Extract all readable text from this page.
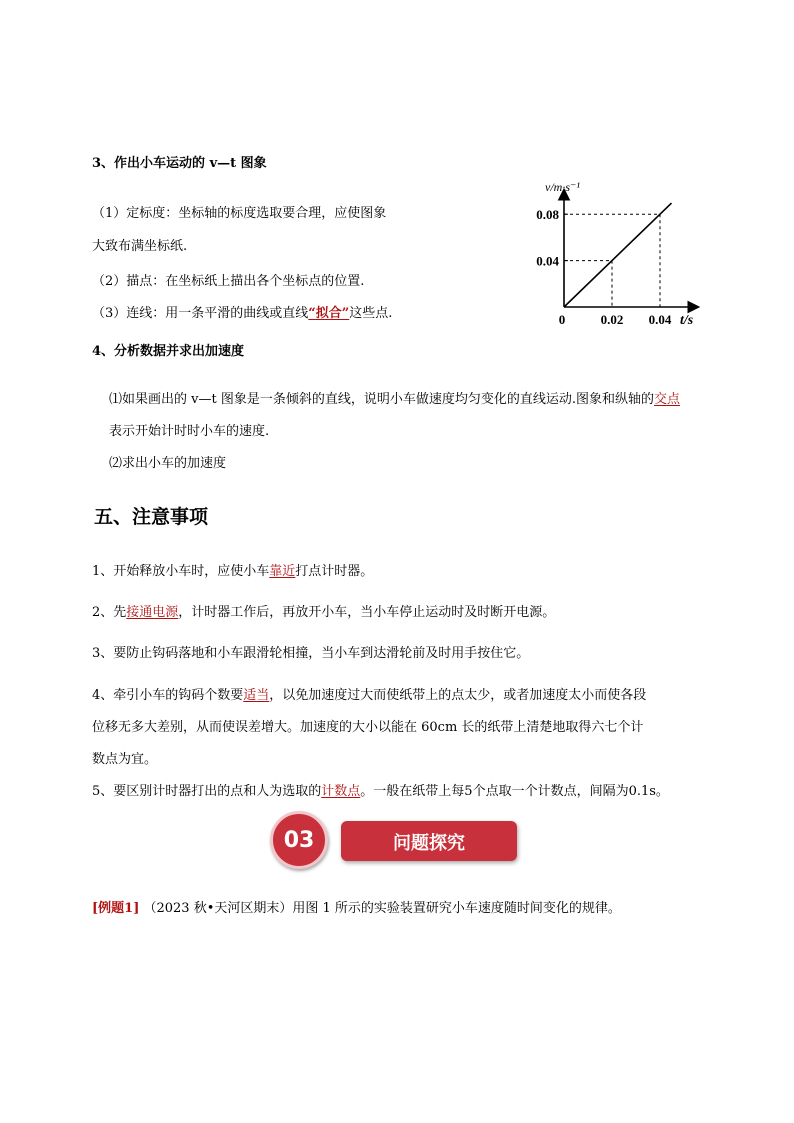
3、作出小车运动的 v—t 图象
（1）定标度：坐标轴的标度选取要合理，应使图象
大致布满坐标纸.
（2）描点：在坐标纸上描出各个坐标点的位置.
（3）连线：用一条平滑的曲线或直线“拟合”这些点.
0.08
0.04
0.02 0.04
0
v/m·s⁻¹
t/s
4、分析数据并求出加速度
⑴如果画出的 v—t 图象是一条倾斜的直线，说明小车做速度均匀变化的直线运动.图象和纵轴的交点
表示开始计时时小车的速度.
⑵求出小车的加速度
五、注意事项
1、开始释放小车时，应使小车靠近打点计时器。
2、先接通电源，计时器工作后，再放开小车，当小车停止运动时及时断开电源。
3、要防止钩码落地和小车跟滑轮相撞，当小车到达滑轮前及时用手按住它。
4、牵引小车的钩码个数要适当，以免加速度过大而使纸带上的点太少，或者加速度太小而使各段
位移无多大差别，从而使误差增大。加速度的大小以能在 60cm 长的纸带上清楚地取得六七个计
数点为宜。
5、要区别计时器打出的点和人为选取的计数点。一般在纸带上每5个点取一个计数点，间隔为0.1s。
问题探究
03
[例题1] （2023 秋•天河区期末）用图 1 所示的实验装置研究小车速度随时间变化的规律。
